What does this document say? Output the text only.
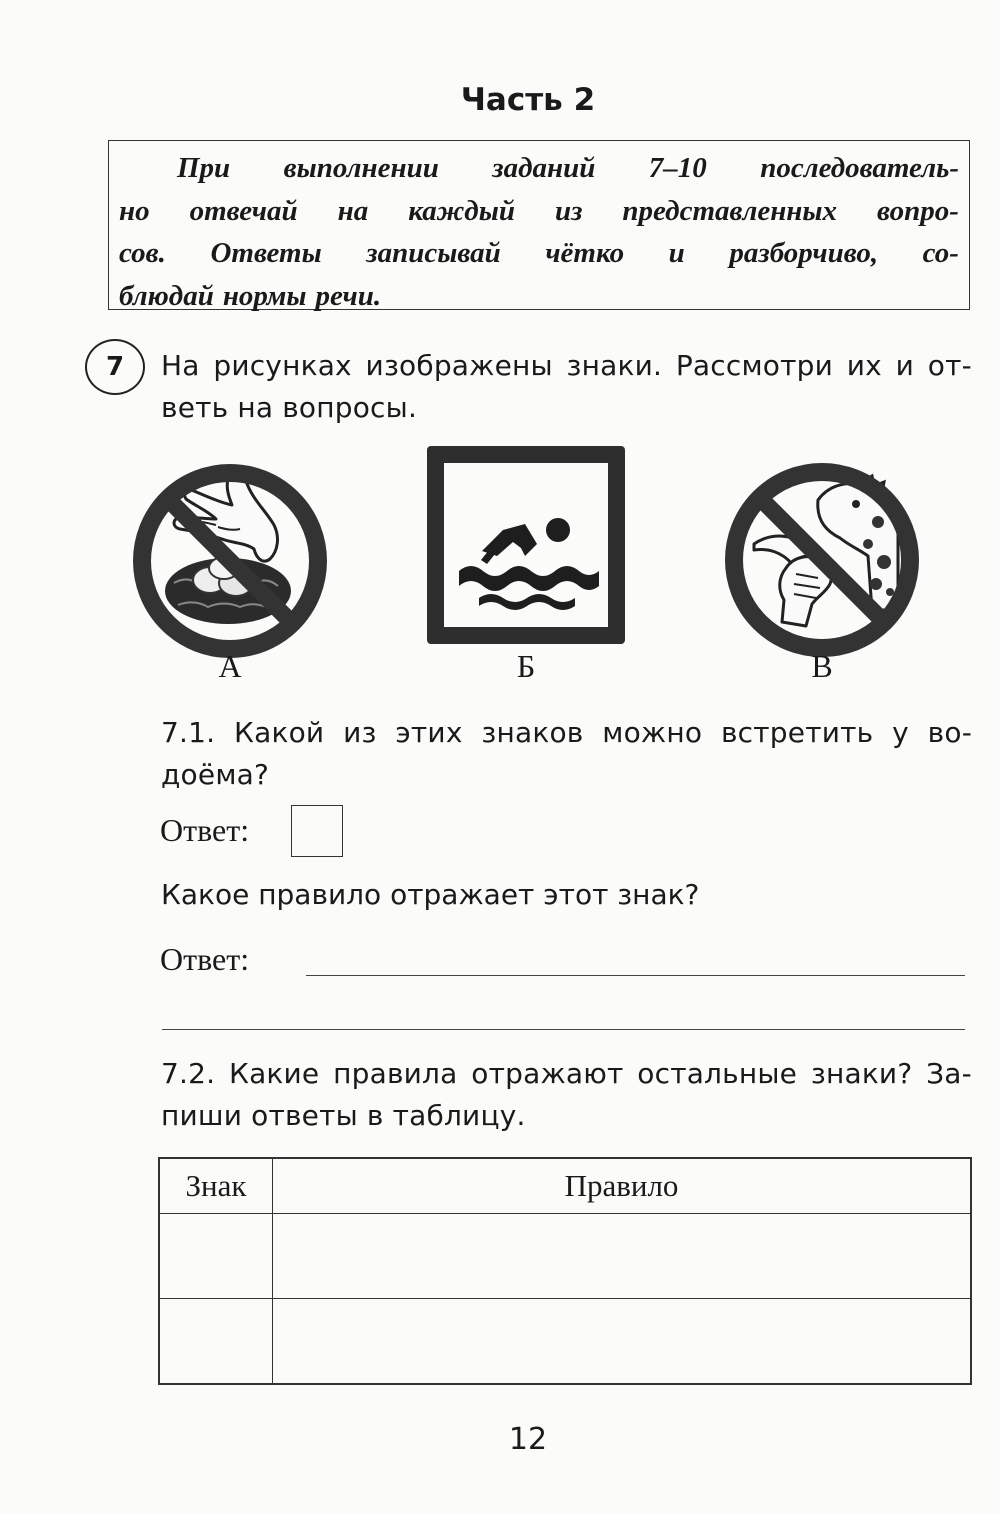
Часть 2
При выполнении заданий 7–10 последователь-
но отвечай на каждый из представленных вопро-
сов. Ответы записывай чётко и разборчиво, со-
блюдай нормы речи.
7	На рисунках изображены знаки. Рассмотри их и от-
веть на вопросы.
А	Б	В
7.1. Какой из этих знаков можно встретить у во-
доёма?
Ответ:
Какое правило отражает этот знак?
Ответ:
7.2. Какие правила отражают остальные знаки? За-
пиши ответы в таблицу.
Знак	Правило

12
